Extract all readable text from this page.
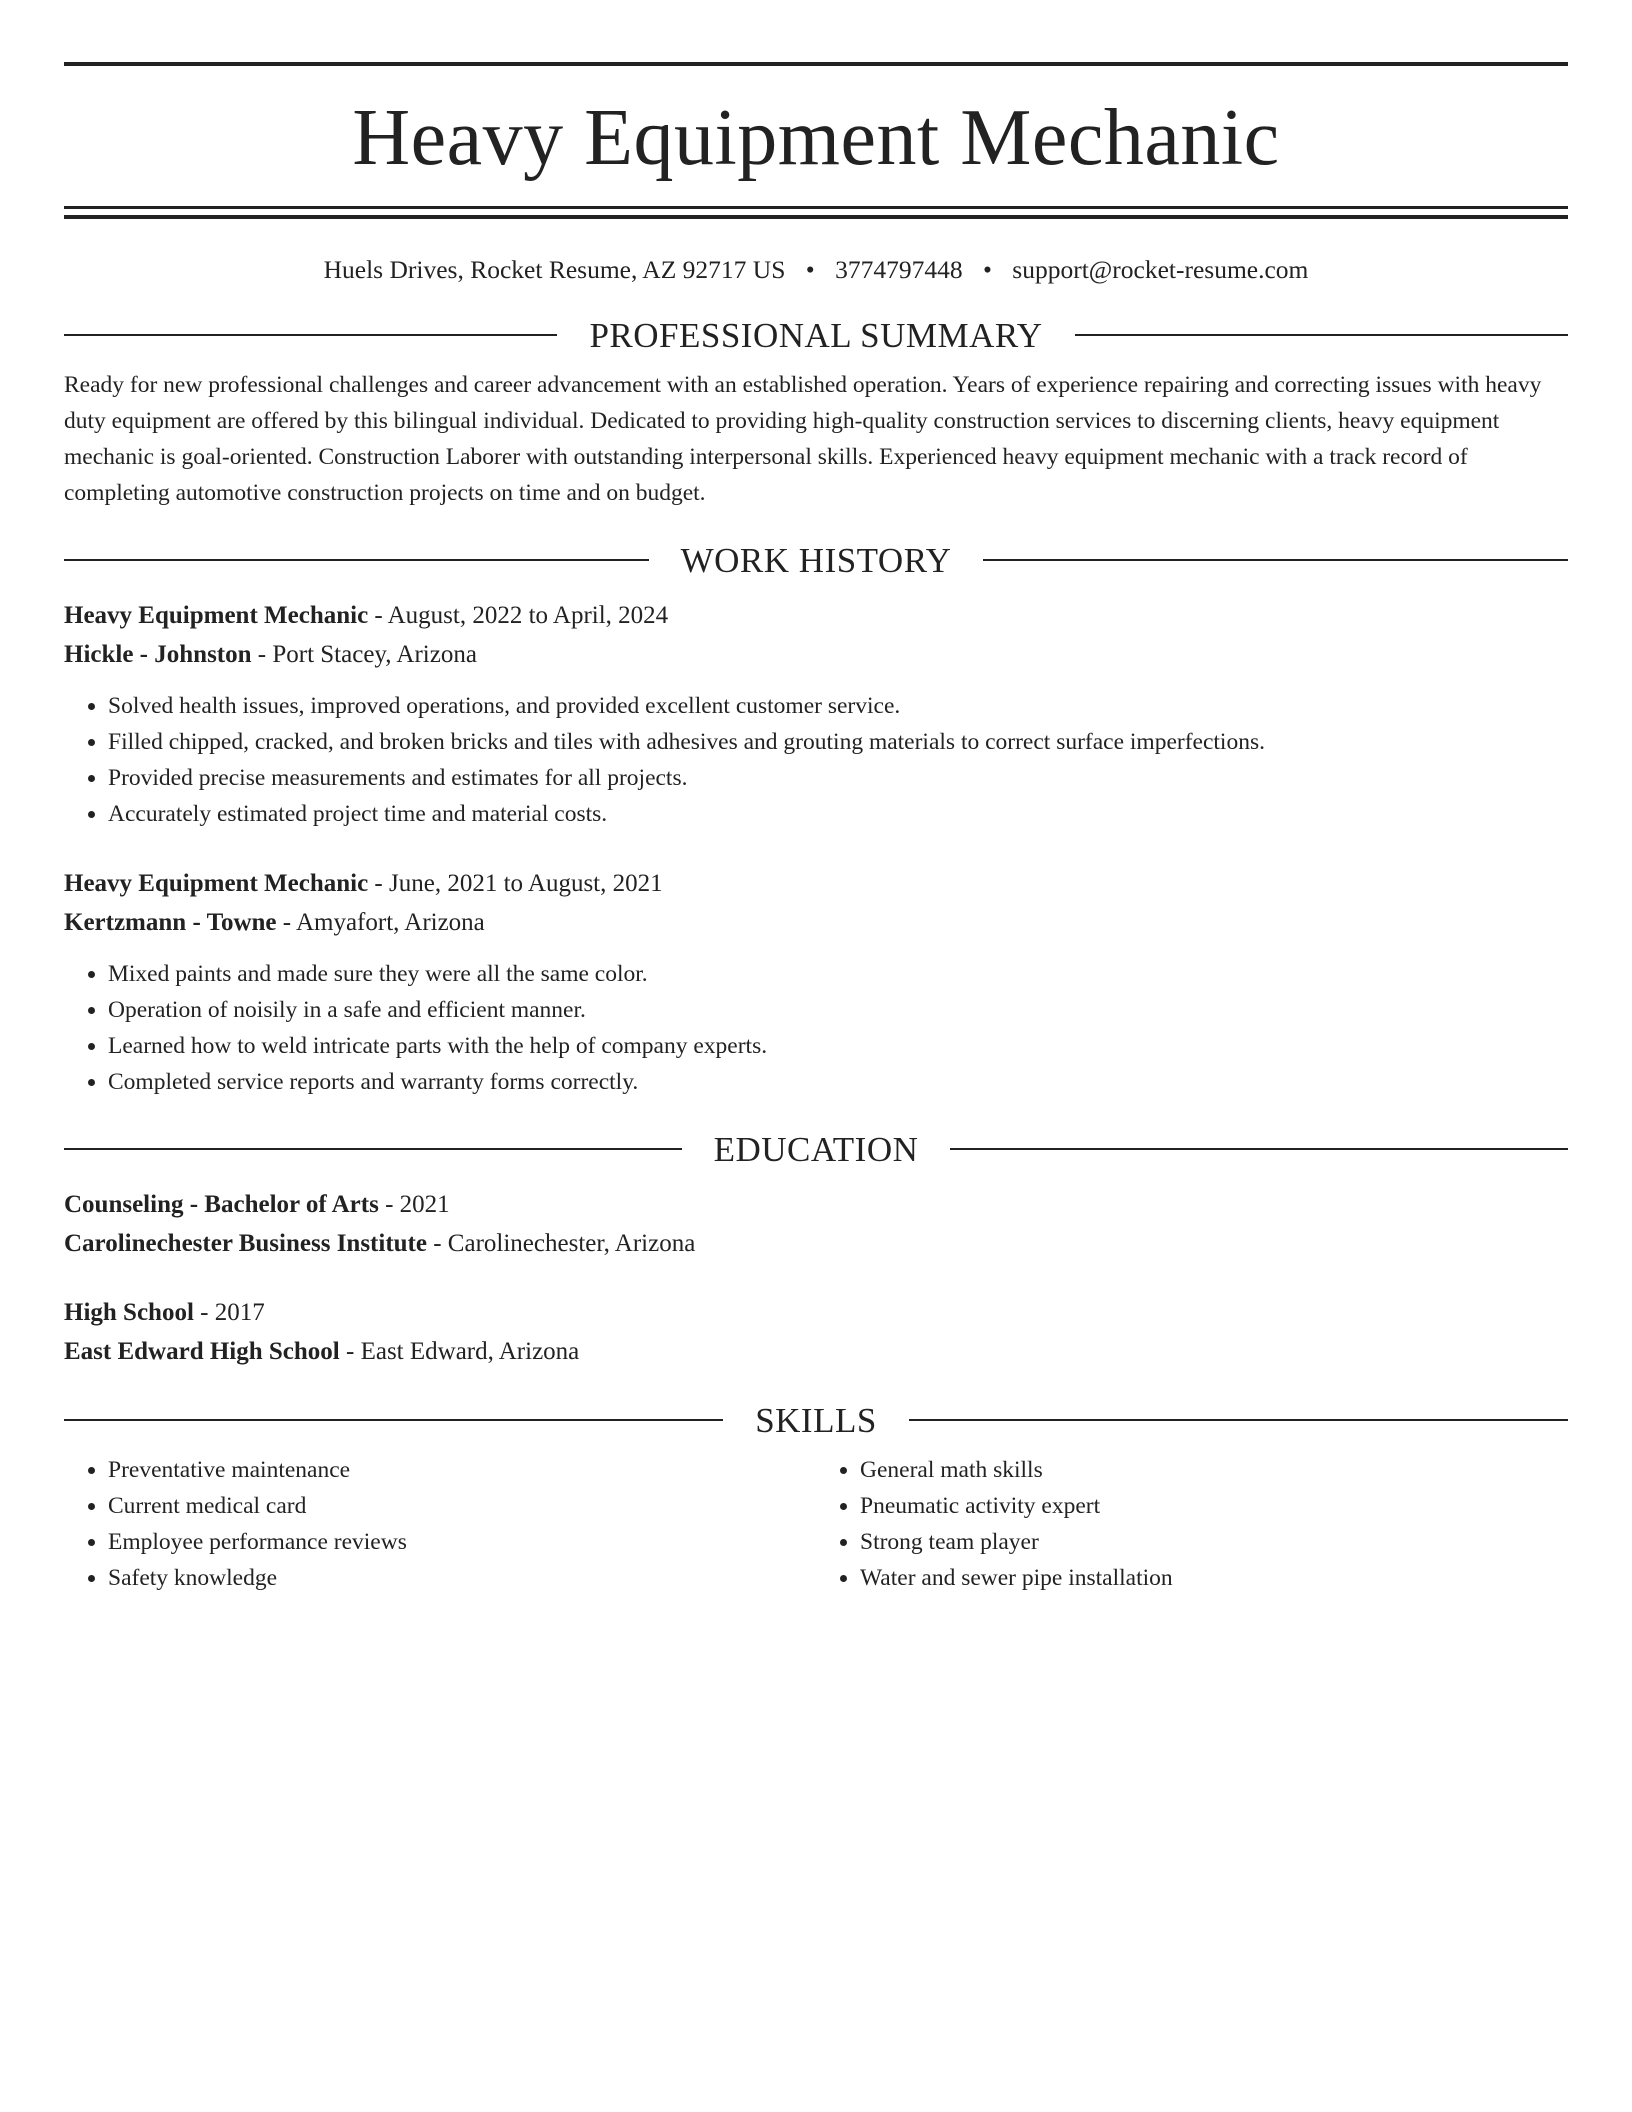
Heavy Equipment Mechanic
Huels Drives, Rocket Resume, AZ 92717 US • 3774797448 • support@rocket-resume.com
PROFESSIONAL SUMMARY

Ready for new professional challenges and career advancement with an established operation. Years of experience repairing and correcting issues with heavy duty equipment are offered by this bilingual individual. Dedicated to providing high-quality construction services to discerning clients, heavy equipment mechanic is goal-oriented. Construction Laborer with outstanding interpersonal skills. Experienced heavy equipment mechanic with a track record of completing automotive construction projects on time and on budget.

WORK HISTORY
Heavy Equipment Mechanic - August, 2022 to April, 2024
Hickle - Johnston - Port Stacey, Arizona
• Solved health issues, improved operations, and provided excellent customer service.
• Filled chipped, cracked, and broken bricks and tiles with adhesives and grouting materials to correct surface imperfections.
• Provided precise measurements and estimates for all projects.
• Accurately estimated project time and material costs.
Heavy Equipment Mechanic - June, 2021 to August, 2021
Kertzmann - Towne - Amyafort, Arizona
• Mixed paints and made sure they were all the same color.
• Operation of noisily in a safe and efficient manner.
• Learned how to weld intricate parts with the help of company experts.
• Completed service reports and warranty forms correctly.
EDUCATION
Counseling - Bachelor of Arts - 2021
Carolinechester Business Institute - Carolinechester, Arizona
High School - 2017
East Edward High School - East Edward, Arizona
SKILLS
• Preventative maintenance
• Current medical card
• Employee performance reviews
• Safety knowledge
• General math skills
• Pneumatic activity expert
• Strong team player
• Water and sewer pipe installation
